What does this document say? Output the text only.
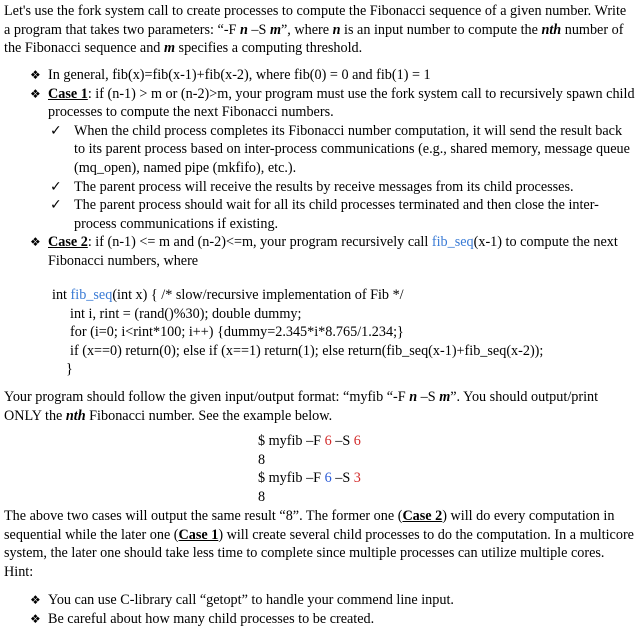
Let's use the fork system call to create processes to compute the Fibonacci sequence of a given number. Write a program that takes two parameters: “-F n –S m”, where n is an input number to compute the nth number of the Fibonacci sequence and m specifies a computing threshold.
❖ In general, fib(x)=fib(x-1)+fib(x-2), where fib(0) = 0 and fib(1) = 1
❖ Case 1: if (n-1) > m or (n-2)>m, your program must use the fork system call to recursively spawn child processes to compute the next Fibonacci numbers.
✓ When the child process completes its Fibonacci number computation, it will send the result back to its parent process based on inter-process communications (e.g., shared memory, message queue (mq_open), named pipe (mkfifo), etc.).
✓ The parent process will receive the results by receive messages from its child processes.
✓ The parent process should wait for all its child processes terminated and then close the inter-process communications if existing.
❖ Case 2: if (n-1) <= m and (n-2)<=m, your program recursively call fib_seq(x-1) to compute the next Fibonacci numbers, where
int fib_seq(int x) { /* slow/recursive implementation of Fib */
int i, rint = (rand()%30); double dummy;
for (i=0; i<rint*100; i++) {dummy=2.345*i*8.765/1.234;}
if (x==0) return(0); else if (x==1) return(1); else return(fib_seq(x-1)+fib_seq(x-2));
}
Your program should follow the given input/output format: “myfib “-F n –S m”. You should output/print ONLY the nth Fibonacci number. See the example below.
$ myfib –F 6 –S 6
8
$ myfib –F 6 –S 3
8
The above two cases will output the same result “8”. The former one (Case 2) will do every computation in sequential while the later one (Case 1) will create several child processes to do the computation. In a multicore system, the later one should take less time to complete since multiple processes can utilize multiple cores. Hint:
❖ You can use C-library call “getopt” to handle your commend line input.
❖ Be careful about how many child processes to be created.
